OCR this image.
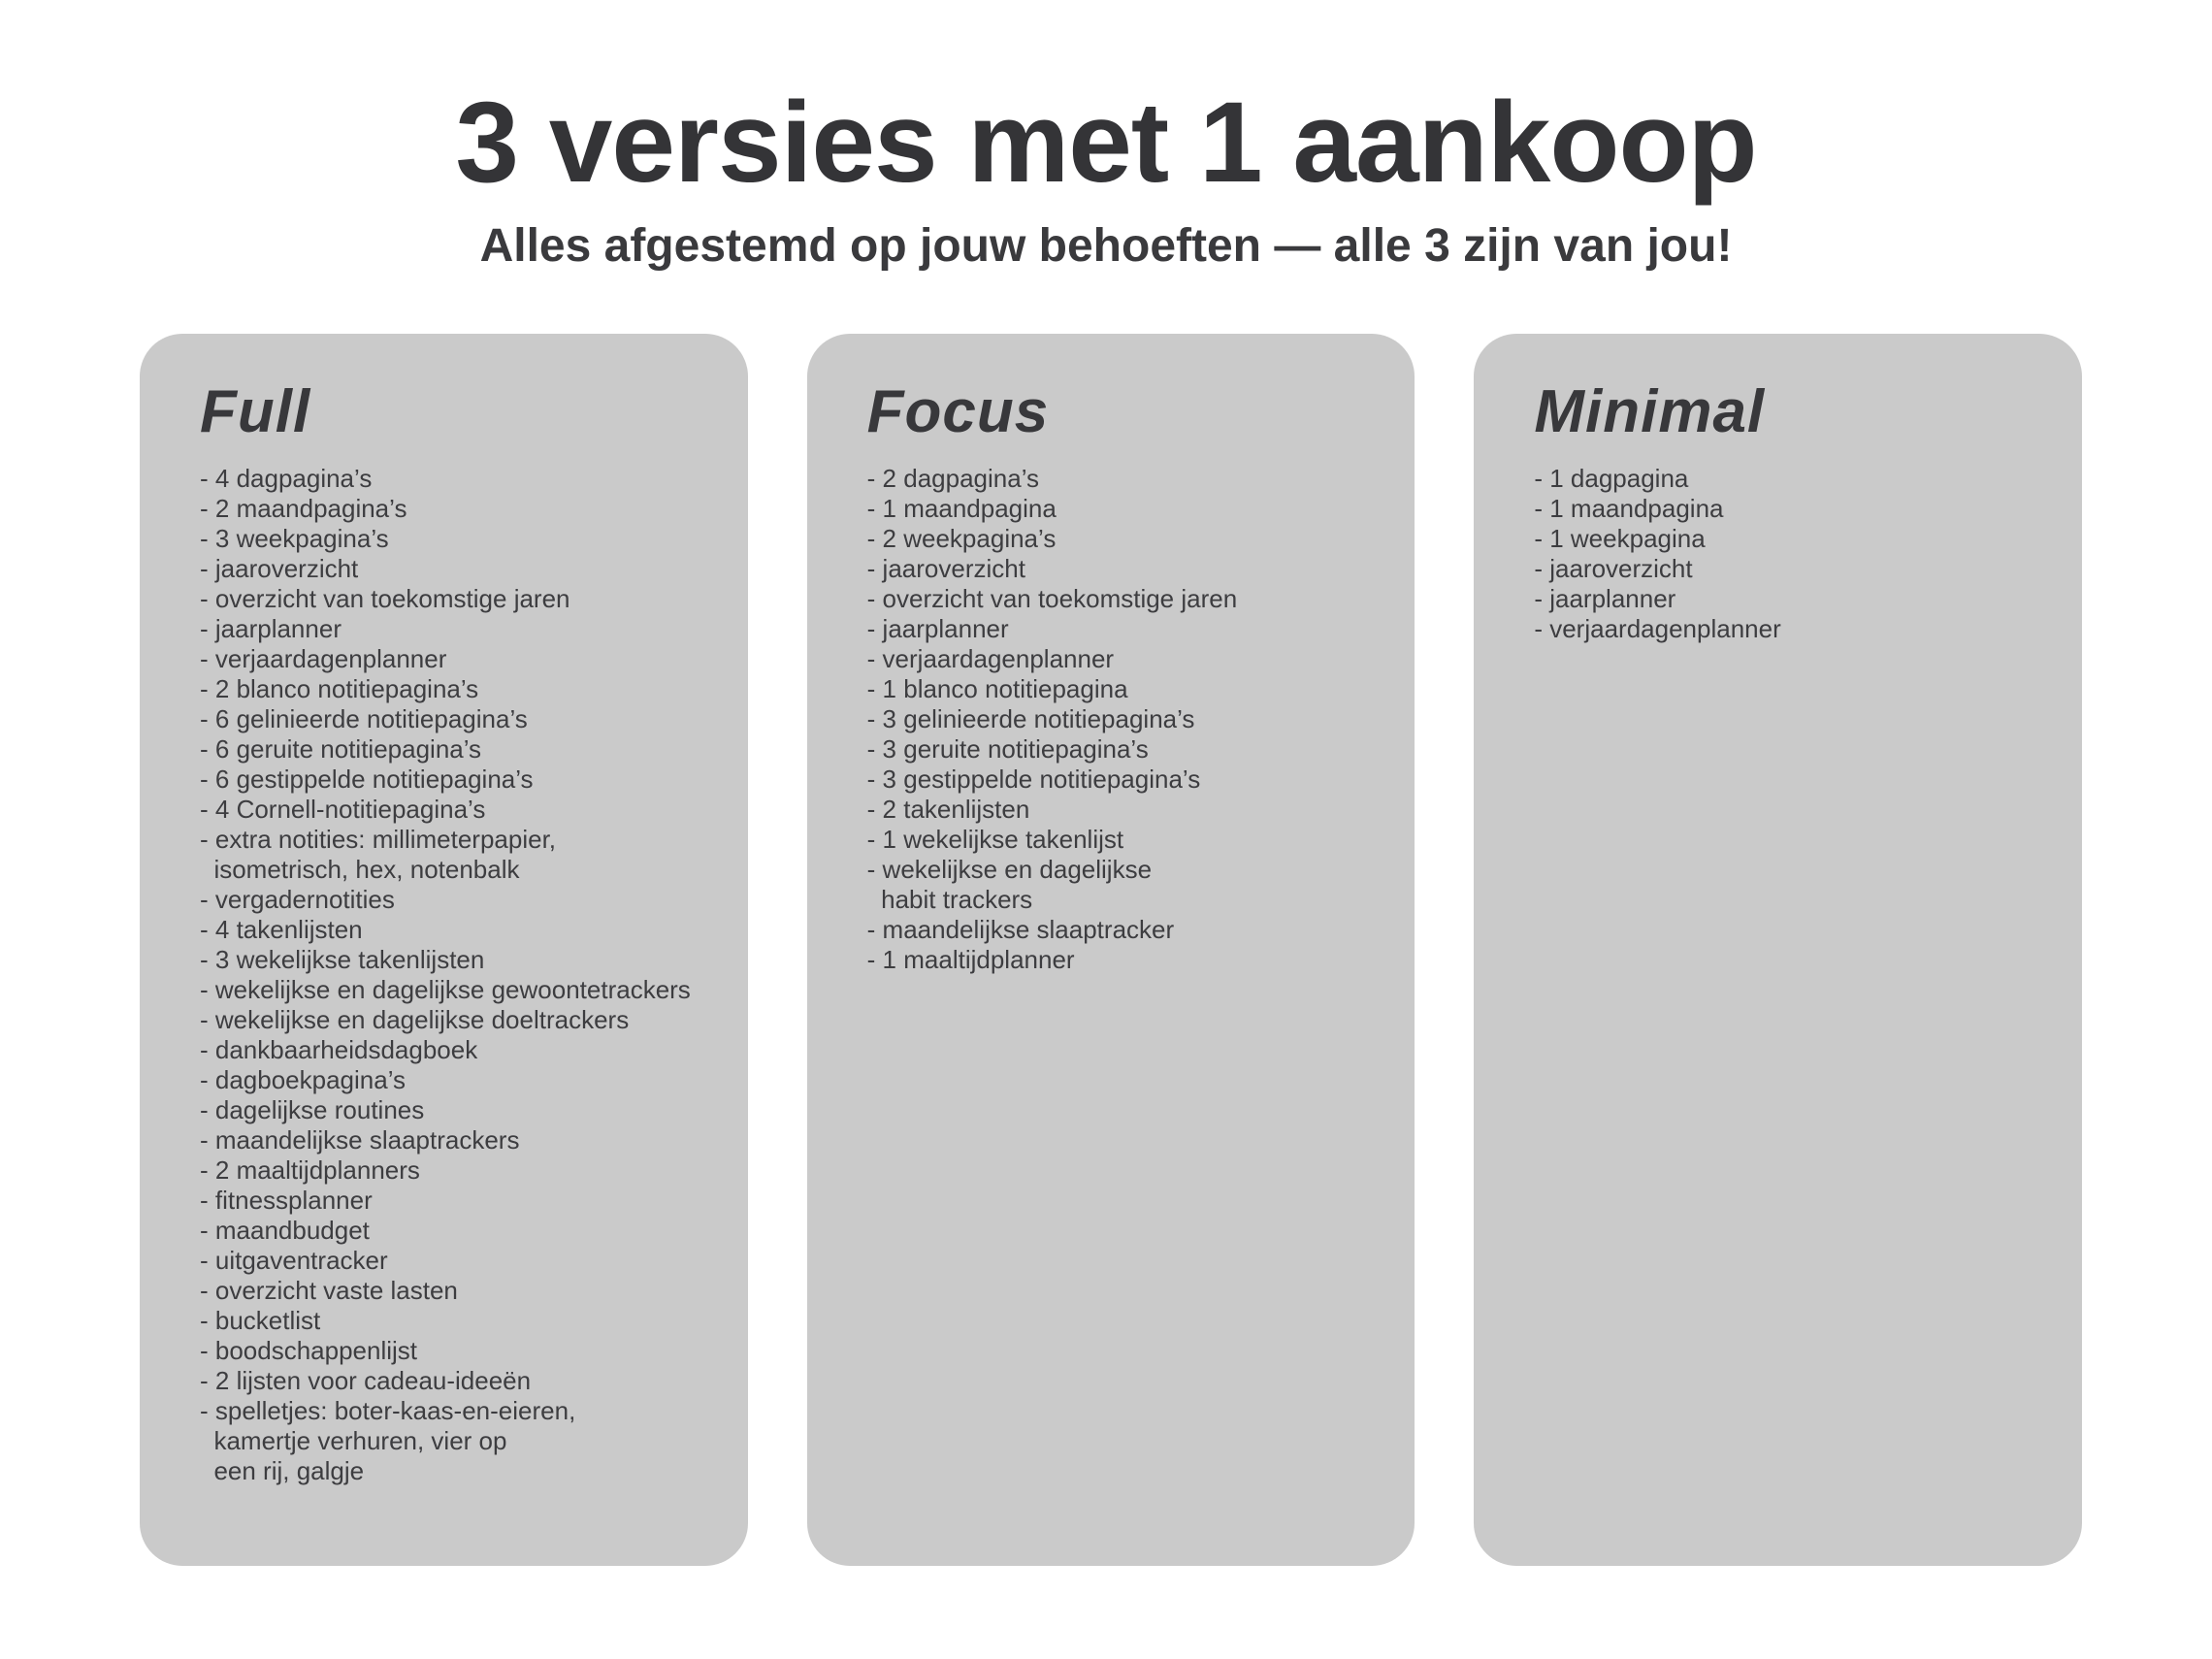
3 versies met 1 aankoop

Alles afgestemd op jouw behoeften — alle 3 zijn van jou!

Full
- 4 dagpagina’s
- 2 maandpagina’s
- 3 weekpagina’s
- jaaroverzicht
- overzicht van toekomstige jaren
- jaarplanner
- verjaardagenplanner
- 2 blanco notitiepagina’s
- 6 gelinieerde notitiepagina’s
- 6 geruite notitiepagina’s
- 6 gestippelde notitiepagina’s
- 4 Cornell-notitiepagina’s
- extra notities: millimeterpapier,
isometrisch, hex, notenbalk
- vergadernotities
- 4 takenlijsten
- 3 wekelijkse takenlijsten
- wekelijkse en dagelijkse gewoontetrackers
- wekelijkse en dagelijkse doeltrackers
- dankbaarheidsdagboek
- dagboekpagina’s
- dagelijkse routines
- maandelijkse slaaptrackers
- 2 maaltijdplanners
- fitnessplanner
- maandbudget
- uitgaventracker
- overzicht vaste lasten
- bucketlist
- boodschappenlijst
- 2 lijsten voor cadeau-ideeën
- spelletjes: boter-kaas-en-eieren,
kamertje verhuren, vier op
een rij, galgje
Focus
- 2 dagpagina’s
- 1 maandpagina
- 2 weekpagina’s
- jaaroverzicht
- overzicht van toekomstige jaren
- jaarplanner
- verjaardagenplanner
- 1 blanco notitiepagina
- 3 gelinieerde notitiepagina’s
- 3 geruite notitiepagina’s
- 3 gestippelde notitiepagina’s
- 2 takenlijsten
- 1 wekelijkse takenlijst
- wekelijkse en dagelijkse
habit trackers
- maandelijkse slaaptracker
- 1 maaltijdplanner
Minimal
- 1 dagpagina
- 1 maandpagina
- 1 weekpagina
- jaaroverzicht
- jaarplanner
- verjaardagenplanner
